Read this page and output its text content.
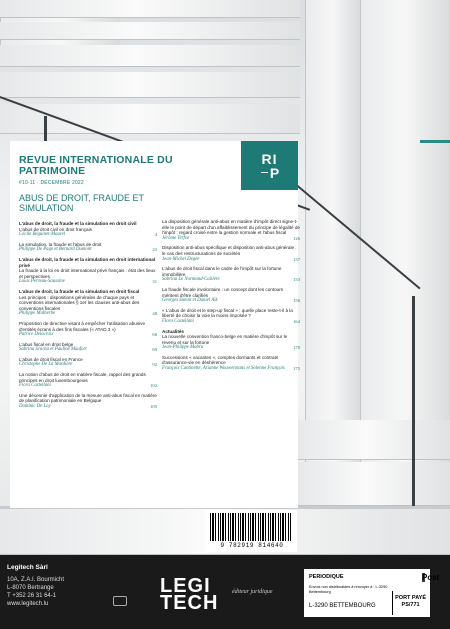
RI
P
REVUE INTERNATIONALE DU PATRIMOINE
#10-11 · DÉCEMBRE 2022
ABUS DE DROIT, FRAUDE ET SIMULATION
L'abus de droit, la fraude et la simulation en droit civil
L'abus de droit civil en droit français
Cécile Béguinet-Maurel	4
La simulation, la fraude et l'abus de droit
Philippe De Page et Bernard Dumont	23
L'abus de droit, la fraude et la simulation en droit international privé
La fraude à la loi en droit international privé français : état des lieux et perspectives
Louis Perreau-Saussine	31
L'abus de droit, la fraude et la simulation en droit fiscal
Les principes : dispositions générales de chaque pays et conventions internationales § 1er les clauses anti-abus des conventions fiscales
Philippe Malherbe	48
Proposition de directive visant à empêcher l'utilisation abusive d'entités écrans à des fins fiscales (« ATAD 3 »)
Patrice Delacroix	60
L'abus fiscal en droit belge
Sabrina Scarna et Pauline Maufort	69
L'abus de droit fiscal en France
Christophe De La Mardière	92
La notion d'abus de droit en matière fiscale, rappel des grands principes en droit luxembourgeois
Flora Castellani	102
Une décennie d'application de la mesure anti-abus fiscal en matière de planification patrimoniale en Belgique
Dominic De Loy	105
La disposition générale anti-abus en matière d'impôt direct signe-t-elle le point de départ d'un affaiblissement du principe de légalité de l'impôt : regard croisé entre la gestion normale et l'abus fiscal
Jérôme Terfve	126
Disposition anti-abus spécifique et disposition anti-abus générale : le cas des restructurations de sociétés
Jean-Michel Degée	137
L'abus de droit fiscal dans le cadre de l'impôt sur la fortune immobilière
Sabrina Le Normand-Caillère	153
La fraude fiscale involontaire : un concept dont les contours méritent d'être clarifiés
Georges Simon et Daniel Aïk	156
« L'abus de droit et le step-up fiscal » : quelle place reste-t-il à la liberté de choisir la voie la moins imposée ?
Flora Castellani	164
Actualités
La nouvelle convention franco-belge en matière d'impôt sur le revenu et sur la fortune
Jean-Philippe Mabru	170
Successions « vacantes », comptes dormants et contrats d'assurance-vie en déshérence
François Cantinette, Arianne Wouwermans et Solenne François	175
9 782919 814640
Legitech Sàrl
10A, Z.A.I. Bourmicht
L-8070 Bertrange
T +352 26 31 64-1
www.legitech.lu
LEGI
TECH éditeur juridique
PERIODIQUE
Envois non distribuables à renvoyer à : L-3290 Bettembourg
L-3290 BETTEMBOURG
Post
PORT PAYÉ
PS/771
